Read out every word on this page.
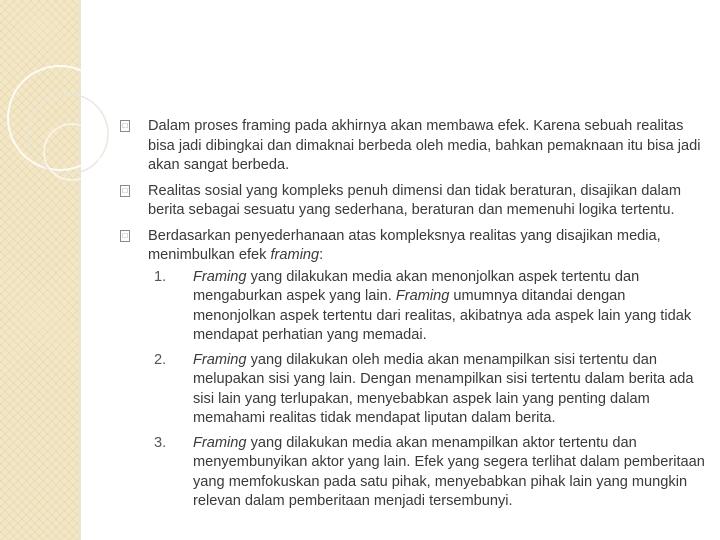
□ Dalam proses framing pada akhirnya akan membawa efek. Karena sebuah realitas bisa jadi dibingkai dan dimaknai berbeda oleh media, bahkan pemaknaan itu bisa jadi akan sangat berbeda.
□ Realitas sosial yang kompleks penuh dimensi dan tidak beraturan, disajikan dalam berita sebagai sesuatu yang sederhana, beraturan dan memenuhi logika tertentu.
□ Berdasarkan penyederhanaan atas kompleksnya realitas yang disajikan media, menimbulkan efek framing:
1. Framing yang dilakukan media akan menonjolkan aspek tertentu dan mengaburkan aspek yang lain. Framing umumnya ditandai dengan menonjolkan aspek tertentu dari realitas, akibatnya ada aspek lain yang tidak mendapat perhatian yang memadai.
2. Framing yang dilakukan oleh media akan menampilkan sisi tertentu dan melupakan sisi yang lain. Dengan menampilkan sisi tertentu dalam berita ada sisi lain yang terlupakan, menyebabkan aspek lain yang penting dalam memahami realitas tidak mendapat liputan dalam berita.
3. Framing yang dilakukan media akan menampilkan aktor tertentu dan menyembunyikan aktor yang lain. Efek yang segera terlihat dalam pemberitaan yang memfokuskan pada satu pihak, menyebabkan pihak lain yang mungkin relevan dalam pemberitaan menjadi tersembunyi.
